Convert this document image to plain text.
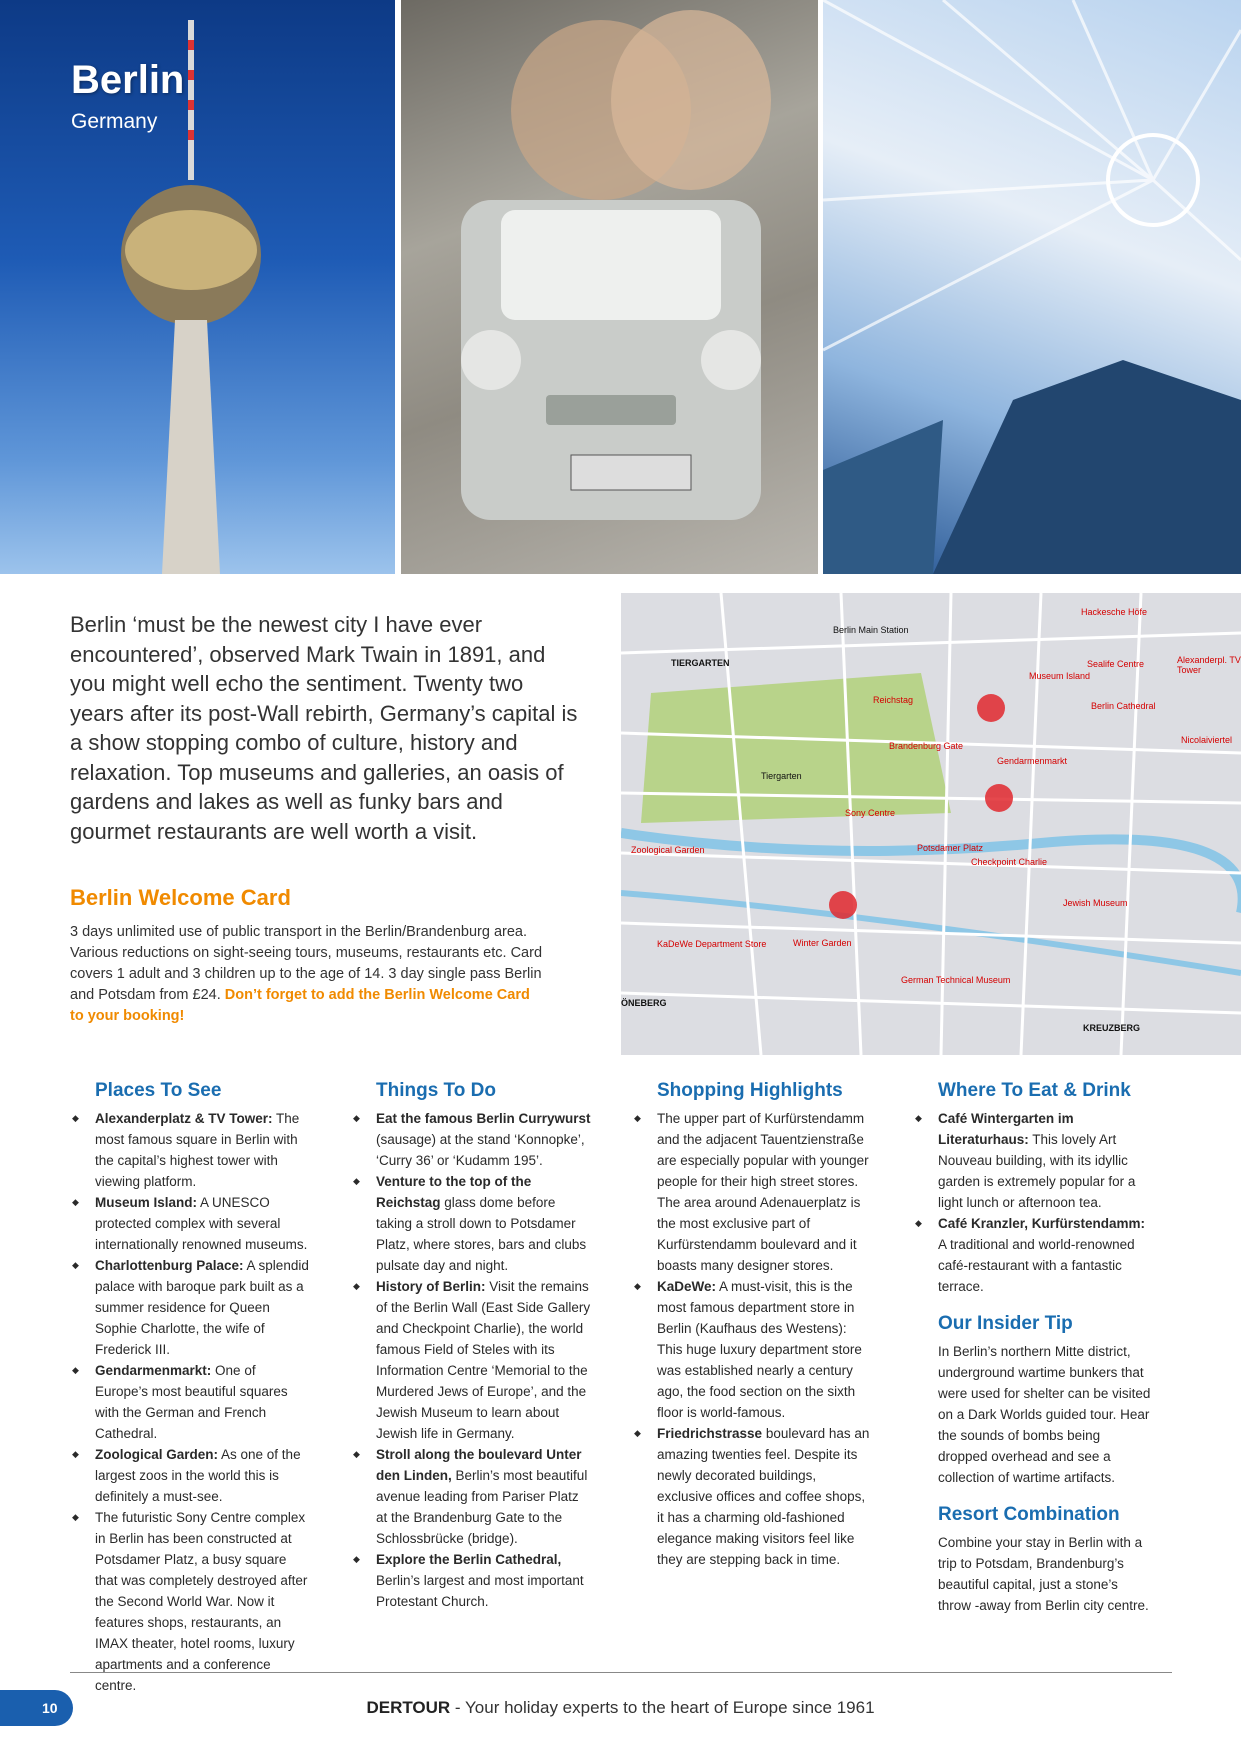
Berlin
Germany
Berlin ‘must be the newest city I have ever encountered’, observed Mark Twain in 1891, and you might well echo the sentiment. Twenty two years after its post-Wall rebirth, Germany’s capital is a show stopping combo of culture, history and relaxation. Top museums and galleries, an oasis of gardens and lakes as well as funky bars and gourmet restaurants are well worth a visit.
Berlin Welcome Card
3 days unlimited use of public transport in the Berlin/Brandenburg area. Various reductions on sight-seeing tours, museums, restaurants etc. Card covers 1 adult and 3 children up to the age of 14. 3 day single pass Berlin and Potsdam from £24. Don’t forget to add the Berlin Welcome Card to your booking!
Hackesche Höfe
Reichstag
Museum Island
Berlin Cathedral
Alexanderpl. TV Tower
Nicolaiviertel
Brandenburg Gate
Gendarmenmarkt
Sony Centre
Potsdamer Platz
Checkpoint Charlie
Zoological Garden
Jewish Museum
KaDeWe Department Store	Winter Garden
German Technical Museum
Sealife Centre
TIERGARTEN
KREUZBERG
ÖNEBERG
Berlin Main Station
Tiergarten
Places To See
◆ Alexanderplatz & TV Tower: The most famous square in Berlin with the capital’s highest tower with viewing platform.
◆ Museum Island: A UNESCO protected complex with several internationally renowned museums.
◆ Charlottenburg Palace: A splendid palace with baroque park built as a summer residence for Queen Sophie Charlotte, the wife of Frederick III.
◆ Gendarmenmarkt: One of Europe’s most beautiful squares with the German and French Cathedral.
◆ Zoological Garden: As one of the largest zoos in the world this is definitely a must-see.
◆ The futuristic Sony Centre complex in Berlin has been constructed at Potsdamer Platz, a busy square that was completely destroyed after the Second World War. Now it features shops, restaurants, an IMAX theater, hotel rooms, luxury apartments and a conference centre.
Things To Do
◆ Eat the famous Berlin Currywurst (sausage) at the stand ‘Konnopke’, ‘Curry 36’ or ‘Kudamm 195’.
◆ Venture to the top of the Reichstag glass dome before taking a stroll down to Potsdamer Platz, where stores, bars and clubs pulsate day and night.
◆ History of Berlin: Visit the remains of the Berlin Wall (East Side Gallery and Checkpoint Charlie), the world famous Field of Steles with its Information Centre ‘Memorial to the Murdered Jews of Europe’, and the Jewish Museum to learn about Jewish life in Germany.
◆ Stroll along the boulevard Unter den Linden, Berlin’s most beautiful avenue leading from Pariser Platz at the Brandenburg Gate to the Schlossbrücke (bridge).
◆ Explore the Berlin Cathedral, Berlin’s largest and most important Protestant Church.
Shopping Highlights
◆ The upper part of Kurfürstendamm and the adjacent Tauentzienstraße are especially popular with younger people for their high street stores. The area around Adenauerplatz is the most exclusive part of Kurfürstendamm boulevard and it boasts many designer stores.
◆ KaDeWe: A must-visit, this is the most famous department store in Berlin (Kaufhaus des Westens): This huge luxury department store was established nearly a century ago, the food section on the sixth floor is world-famous.
◆ Friedrichstrasse boulevard has an amazing twenties feel. Despite its newly decorated buildings, exclusive offices and coffee shops, it has a charming old-fashioned elegance making visitors feel like they are stepping back in time.
Where To Eat & Drink
◆ Café Wintergarten im Literaturhaus: This lovely Art Nouveau building, with its idyllic garden is extremely popular for a light lunch or afternoon tea.
◆ Café Kranzler, Kurfürstendamm: A traditional and world-renowned café-restaurant with a fantastic terrace.
Our Insider Tip

In Berlin’s northern Mitte district, underground wartime bunkers that were used for shelter can be visited on a Dark Worlds guided tour. Hear the sounds of bombs being dropped overhead and see a collection of wartime artifacts.

Resort Combination

Combine your stay in Berlin with a trip to Potsdam, Brandenburg’s beautiful capital, just a stone’s throw -away from Berlin city centre.

10	DERTOUR - Your holiday experts to the heart of Europe since 1961
